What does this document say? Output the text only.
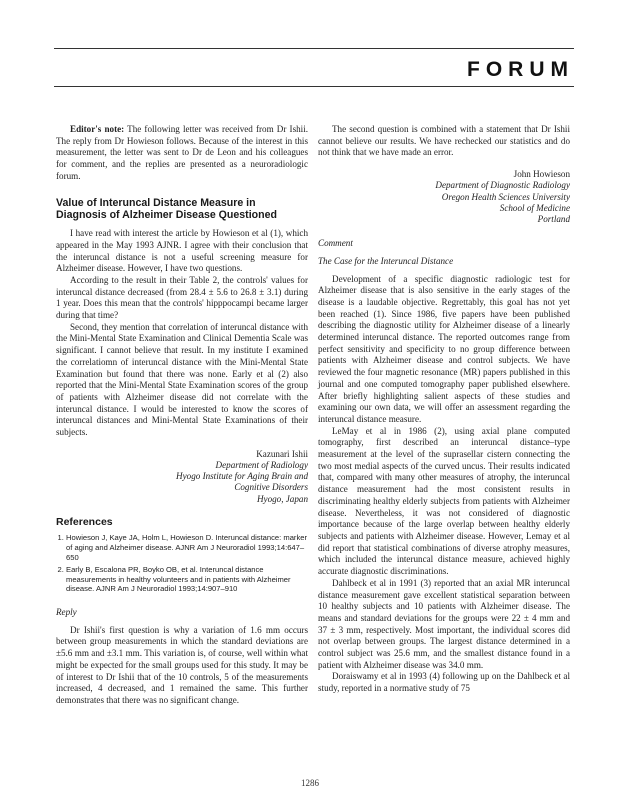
FORUM

Editor's note: The following letter was received from Dr Ishii. The reply from Dr Howieson follows. Because of the interest in this measurement, the letter was sent to Dr de Leon and his colleagues for comment, and the replies are presented as a neuroradiologic forum.

Value of Interuncal Distance Measure in Diagnosis of Alzheimer Disease Questioned

I have read with interest the article by Howieson et al (1), which appeared in the May 1993 AJNR. I agree with their conclusion that the interuncal distance is not a useful screening measure for Alzheimer disease. However, I have two questions.

According to the result in their Table 2, the controls' values for interuncal distance decreased (from 28.4 ± 5.6 to 26.8 ± 3.1) during 1 year. Does this mean that the controls' hipppocampi became larger during that time?

Second, they mention that correlation of interuncal distance with the Mini-Mental State Examination and Clinical Dementia Scale was significant. I cannot believe that result. In my institute I examined the correlatiomn of interuncal distance with the Mini-Mental State Examination but found that there was none. Early et al (2) also reported that the Mini-Mental State Examination scores of the group of patients with Alzheimer disease did not correlate with the interuncal distance. I would be interested to know the scores of interuncal distances and Mini-Mental State Examinations of their subjects.

Kazunari Ishii
Department of Radiology
Hyogo Institute for Aging Brain and
Cognitive Disorders
Hyogo, Japan
References
1. Howieson J, Kaye JA, Holm L, Howieson D. Interuncal distance: marker of aging and Alzheimer disease. AJNR Am J Neuroradiol 1993;14:647–650
2. Early B, Escalona PR, Boyko OB, et al. Interuncal distance measurements in healthy volunteers and in patients with Alzheimer disease. AJNR Am J Neuroradiol 1993;14:907–910
Reply

Dr Ishii's first question is why a variation of 1.6 mm occurs between group measurements in which the standard deviations are ±5.6 mm and ±3.1 mm. This variation is, of course, well within what might be expected for the small groups used for this study. It may be of interest to Dr Ishii that of the 10 controls, 5 of the measurements increased, 4 decreased, and 1 remained the same. This further demonstrates that there was no significant change.

The second question is combined with a statement that Dr Ishii cannot believe our results. We have rechecked our statistics and do not think that we have made an error.

John Howieson
Department of Diagnostic Radiology
Oregon Health Sciences University
School of Medicine
Portland
Comment
The Case for the Interuncal Distance

Development of a specific diagnostic radiologic test for Alzheimer disease that is also sensitive in the early stages of the disease is a laudable objective. Regrettably, this goal has not yet been reached (1). Since 1986, five papers have been published describing the diagnostic utility for Alzheimer disease of a linearly determined interuncal distance. The reported outcomes range from perfect sensitivity and specificity to no group difference between patients with Alzheimer disease and control subjects. We have reviewed the four magnetic resonance (MR) papers published in this journal and one computed tomography paper published elsewhere. After briefly highlighting salient aspects of these studies and examining our own data, we will offer an assessment regarding the interuncal distance measure.

LeMay et al in 1986 (2), using axial plane computed tomography, first described an interuncal distance–type measurement at the level of the suprasellar cistern connecting the two most medial aspects of the curved uncus. Their results indicated that, compared with many other measures of atrophy, the interuncal distance measurement had the most consistent results in discriminating healthy elderly subjects from patients with Alzheimer disease. Nevertheless, it was not considered of diagnostic importance because of the large overlap between healthy elderly subjects and patients with Alzheimer disease. However, Lemay et al did report that statistical combinations of diverse atrophy measures, which included the interuncal distance measure, achieved highly accurate diagnostic discriminations.

Dahlbeck et al in 1991 (3) reported that an axial MR interuncal distance measurement gave excellent statistical separation between 10 healthy subjects and 10 patients with Alzheimer disease. The means and standard deviations for the groups were 22 ± 4 mm and 37 ± 3 mm, respectively. Most important, the individual scores did not overlap between groups. The largest distance determined in a control subject was 25.6 mm, and the smallest distance found in a patient with Alzheimer disease was 34.0 mm.

Doraiswamy et al in 1993 (4) following up on the Dahlbeck et al study, reported in a normative study of 75

1286
